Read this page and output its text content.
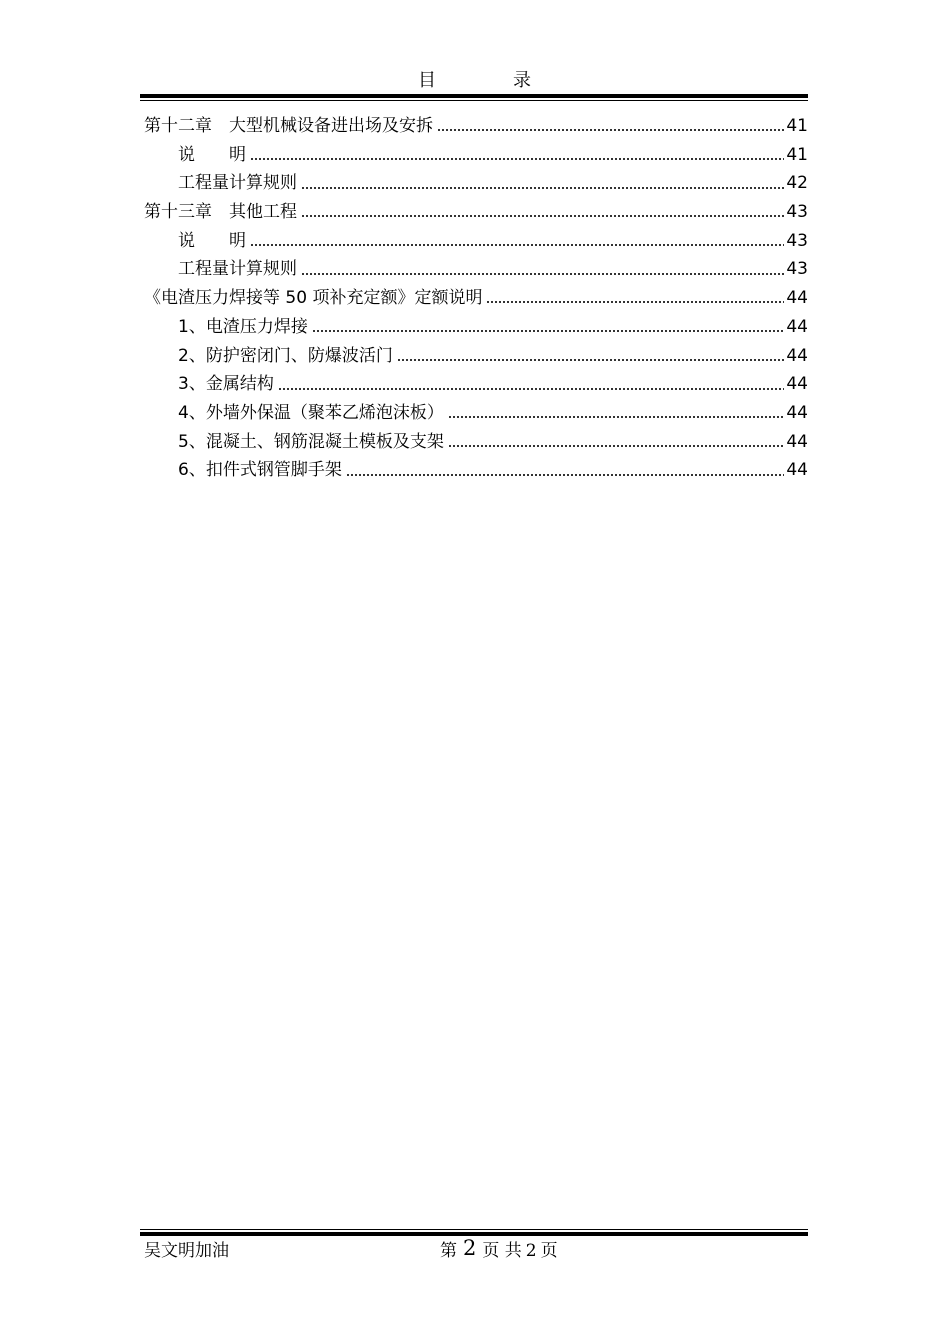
目	录
第十二章　大型机械设备进出场及安拆	41
说　　明	41
工程量计算规则	42
第十三章　其他工程	43
说　　明	43
工程量计算规则	43
《电渣压力焊接等 50 项补充定额》定额说明	44
1、电渣压力焊接	44
2、防护密闭门、防爆波活门	44
3、金属结构	44
4、外墙外保温（聚苯乙烯泡沫板）	44
5、混凝土、钢筋混凝土模板及支架	44
6、扣件式钢管脚手架	44
吴文明加油	第 2 页 共 2 页
